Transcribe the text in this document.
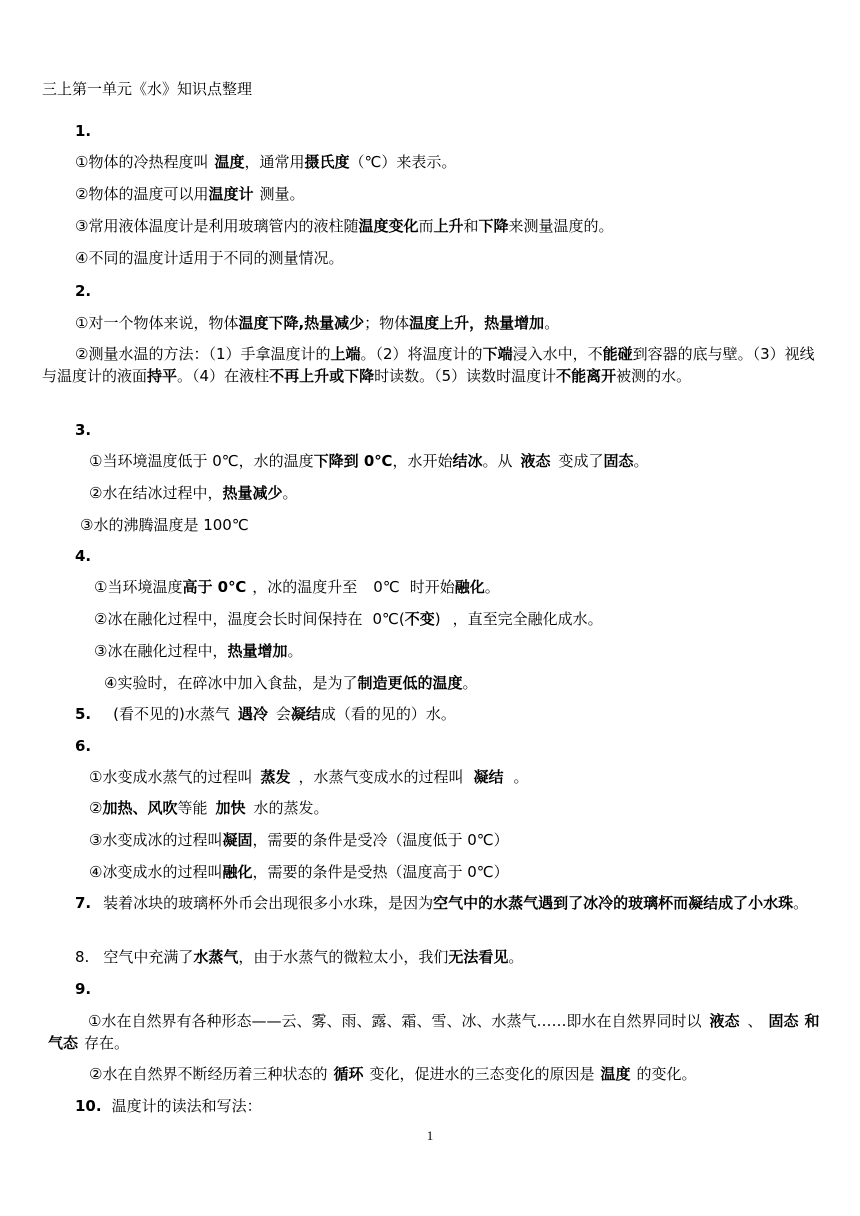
三上第一单元《水》知识点整理
1.
①物体的冷热程度叫 温度，通常用摄氏度（℃）来表示。
②物体的温度可以用温度计 测量。
③常用液体温度计是利用玻璃管内的液柱随温度变化而上升和下降来测量温度的。
④不同的温度计适用于不同的测量情况。
2.
①对一个物体来说，物体温度下降,热量减少；物体温度上升，热量增加。
②测量水温的方法：（1）手拿温度计的上端。（2）将温度计的下端浸入水中，不能碰到容器的底与壁。（3）视线与温度计的液面持平。（4）在液柱不再上升或下降时读数。（5）读数时温度计不能离开被测的水。
3.
①当环境温度低于 0℃，水的温度下降到 0℃，水开始结冰。从 液态 变成了固态。
②水在结冰过程中，热量减少。
③水的沸腾温度是 100℃
4.
①当环境温度高于 0℃ ，冰的温度升至 0℃ 时开始融化。
②冰在融化过程中，温度会长时间保持在 0℃(不变) ，直至完全融化成水。
③冰在融化过程中，热量增加。
④实验时，在碎冰中加入食盐，是为了制造更低的温度。
5. (看不见的)水蒸气 遇冷 会凝结成（看的见的）水。
6.
①水变成水蒸气的过程叫 蒸发 ，水蒸气变成水的过程叫 凝结 。
②加热、风吹等能 加快 水的蒸发。
③水变成冰的过程叫凝固，需要的条件是受冷（温度低于 0℃）
④冰变成水的过程叫融化，需要的条件是受热（温度高于 0℃）
7. 装着冰块的玻璃杯外币会出现很多小水珠，是因为空气中的水蒸气遇到了冰冷的玻璃杯而凝结成了小水珠。
8. 空气中充满了水蒸气，由于水蒸气的微粒太小，我们无法看见。
9.
①水在自然界有各种形态——云、雾、雨、露、霜、雪、冰、水蒸气……即水在自然界同时以 液态 、 固态 和气态 存在。
②水在自然界不断经历着三种状态的 循环 变化，促进水的三态变化的原因是 温度 的变化。
10. 温度计的读法和写法：
1
